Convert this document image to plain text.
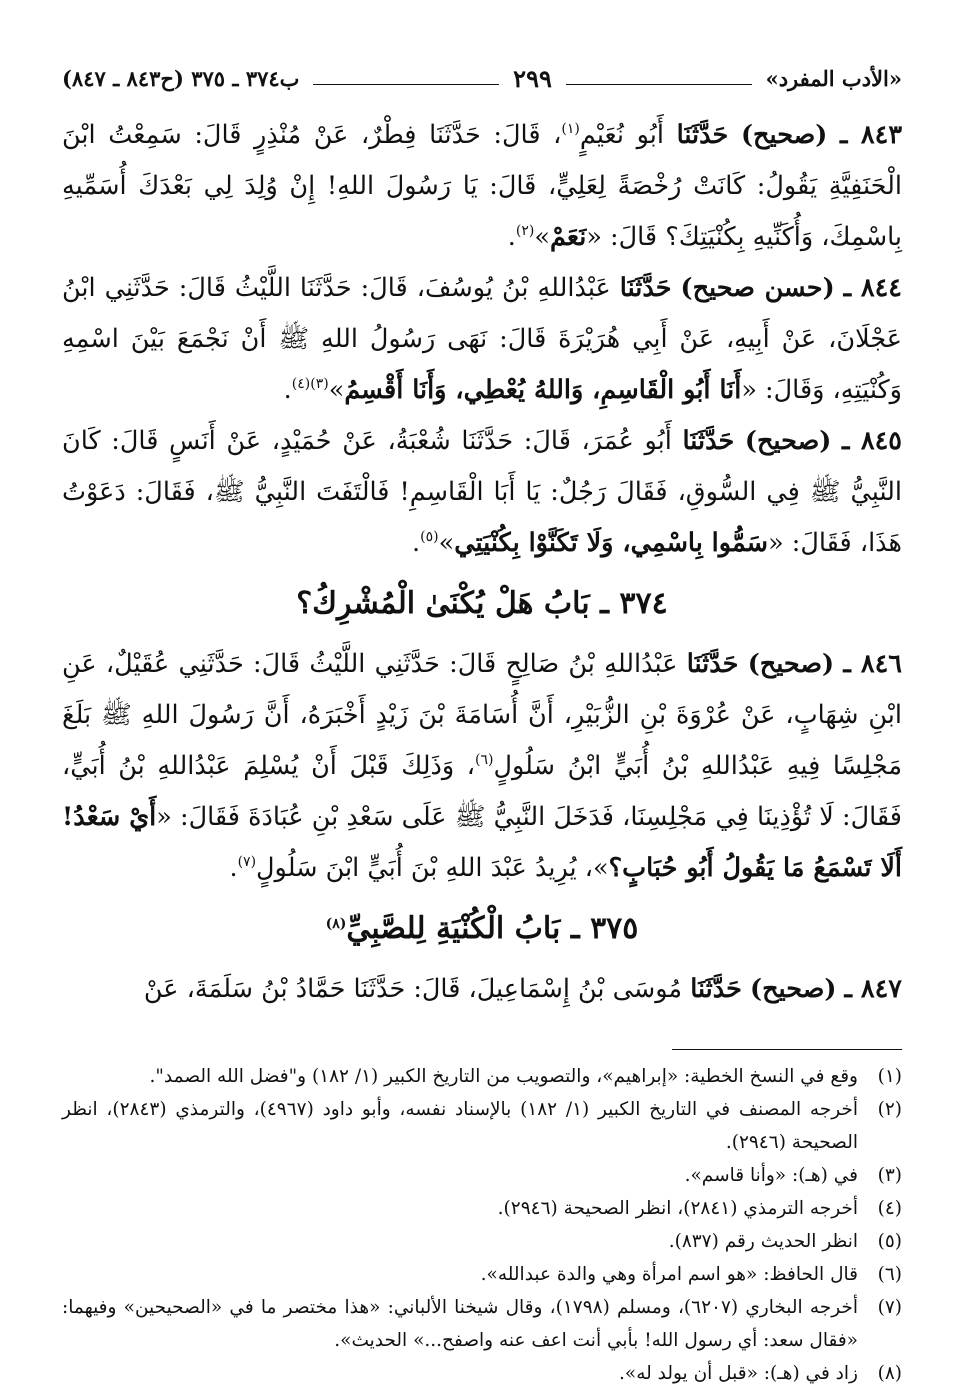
«الأدب المفرد»
٢٩٩
ب٣٧٤ ـ ٣٧٥ (ح٨٤٣ ـ ٨٤٧)

٨٤٣ ـ (صحيح) حَدَّثَنَا أَبُو نُعَيْمٍ$^{(١)}$، قَالَ: حَدَّثَنَا فِطْرٌ، عَنْ مُنْذِرٍ قَالَ: سَمِعْتُ ابْنَ الْحَنَفِيَّةِ يَقُولُ: كَانَتْ رُخْصَةً لِعَلِيٍّ، قَالَ: يَا رَسُولَ اللهِ! إِنْ وُلِدَ لِي بَعْدَكَ أُسَمِّيهِ بِاسْمِكَ، وَأُكَنِّيهِ بِكُنْيَتِكَ؟ قَالَ: «نَعَمْ»$^{(٢)}$.

٨٤٤ ـ (حسن صحيح) حَدَّثَنَا عَبْدُاللهِ بْنُ يُوسُفَ، قَالَ: حَدَّثَنَا اللَّيْثُ قَالَ: حَدَّثَنِي ابْنُ عَجْلَانَ، عَنْ أَبِيهِ، عَنْ أَبِي هُرَيْرَةَ قَالَ: نَهَى رَسُولُ اللهِ ﷺ أَنْ نَجْمَعَ بَيْنَ اسْمِهِ وَكُنْيَتِهِ، وَقَالَ: «أَنَا أَبُو الْقَاسِمِ، وَاللهُ يُعْطِي، وَأَنَا أَقْسِمُ»$^{(٣)(٤)}$.

٨٤٥ ـ (صحيح) حَدَّثَنَا أَبُو عُمَرَ، قَالَ: حَدَّثَنَا شُعْبَةُ، عَنْ حُمَيْدٍ، عَنْ أَنَسٍ قَالَ: كَانَ النَّبِيُّ ﷺ فِي السُّوقِ، فَقَالَ رَجُلٌ: يَا أَبَا الْقَاسِمِ! فَالْتَفَتَ النَّبِيُّ ﷺ، فَقَالَ: دَعَوْتُ هَذَا، فَقَالَ: «سَمُّوا بِاسْمِي، وَلَا تَكَنَّوْا بِكُنْيَتِي»$^{(٥)}$.

٣٧٤ ـ بَابُ هَلْ يُكْنَىٰ الْمُشْرِكُ؟

٨٤٦ ـ (صحيح) حَدَّثَنَا عَبْدُاللهِ بْنُ صَالِحٍ قَالَ: حَدَّثَنِي اللَّيْثُ قَالَ: حَدَّثَنِي عُقَيْلٌ، عَنِ ابْنِ شِهَابٍ، عَنْ عُرْوَةَ بْنِ الزُّبَيْرِ، أَنَّ أُسَامَةَ بْنَ زَيْدٍ أَخْبَرَهُ، أَنَّ رَسُولَ اللهِ ﷺ بَلَغَ مَجْلِسًا فِيهِ عَبْدُاللهِ بْنُ أُبَيٍّ ابْنُ سَلُولٍ$^{(٦)}$، وَذَلِكَ قَبْلَ أَنْ يُسْلِمَ عَبْدُاللهِ بْنُ أُبَيٍّ، فَقَالَ: لَا تُؤْذِينَا فِي مَجْلِسِنَا، فَدَخَلَ النَّبِيُّ ﷺ عَلَى سَعْدِ بْنِ عُبَادَةَ فَقَالَ: «أَيْ سَعْدُ! أَلَا تَسْمَعُ مَا يَقُولُ أَبُو حُبَابٍ؟»، يُرِيدُ عَبْدَ اللهِ بْنَ أُبَيٍّ ابْنَ سَلُولٍ$^{(٧)}$.

٣٧٥ ـ بَابُ الْكُنْيَةِ لِلصَّبِيِّ$^{(٨)}$

٨٤٧ ـ (صحيح) حَدَّثَنَا مُوسَى بْنُ إِسْمَاعِيلَ، قَالَ: حَدَّثَنَا حَمَّادُ بْنُ سَلَمَةَ، عَنْ

(١)
وقع في النسخ الخطية: «إبراهيم»، والتصويب من التاريخ الكبير (١/ ١٨٢) و"فضل الله الصمد".
(٢)
أخرجه المصنف في التاريخ الكبير (١/ ١٨٢) بالإسناد نفسه، وأبو داود (٤٩٦٧)، والترمذي (٢٨٤٣)، انظر الصحيحة (٢٩٤٦).
(٣)
في (هـ): «وأنا قاسم».
(٤)
أخرجه الترمذي (٢٨٤١)، انظر الصحيحة (٢٩٤٦).
(٥)
انظر الحديث رقم (٨٣٧).
(٦)
قال الحافظ: «هو اسم امرأة وهي والدة عبدالله».
(٧)
أخرجه البخاري (٦٢٠٧)، ومسلم (١٧٩٨)، وقال شيخنا الألباني: «هذا مختصر ما في «الصحيحين» وفيهما: «فقال سعد: أي رسول الله! بأبي أنت اعف عنه واصفح...» الحديث».
(٨)
زاد في (هـ): «قبل أن يولد له».
